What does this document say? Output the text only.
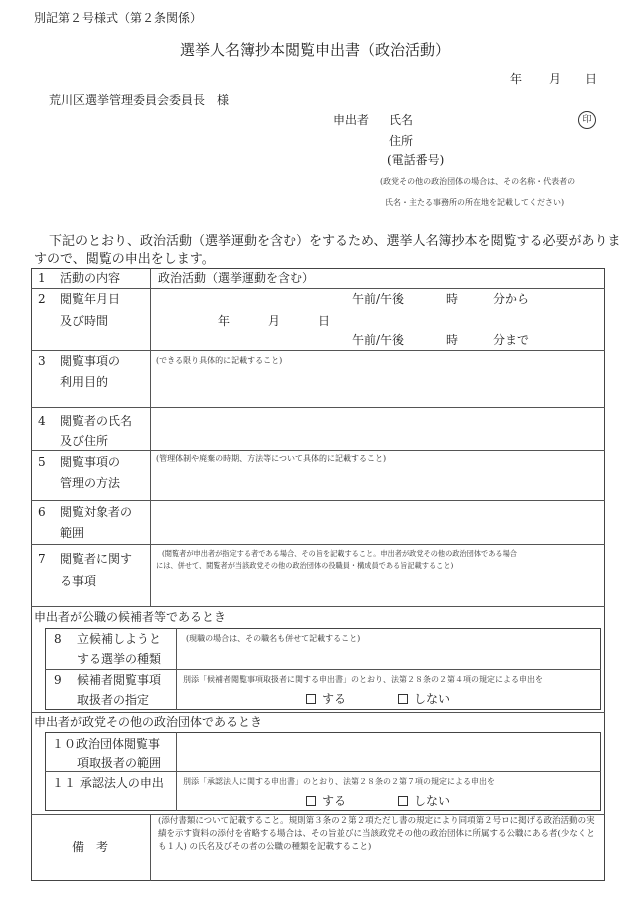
別記第２号様式（第２条関係）
選挙人名簿抄本閲覧申出書（政治活動）
年 月 日
荒川区選挙管理委員会委員長　様
申出者 氏名	印
住所
(電話番号)
(政党その他の政治団体の場合は、その名称・代表者の
氏名・主たる事務所の所在地を記載してください)
下記のとおり、政治活動（選挙運動を含む）をするため、選挙人名簿抄本を閲覧する必要がありま
すので、閲覧の申出をします。
1 活動の内容	政治活動（選挙運動を含む）
2 閲覧年月日
及び時間
午前/午後	時	分から
年	月	日
午前/午後	時	分まで
3 閲覧事項の
利用目的
(できる限り具体的に記載すること)
4 閲覧者の氏名
及び住所
5 閲覧事項の
管理の方法
(管理体制や廃棄の時期、方法等について具体的に記載すること)
6 閲覧対象者の
範囲
7 閲覧者に関す
る事項
(閲覧者が申出者が指定する者である場合、その旨を記載すること。申出者が政党その他の政治団体である場合
には、併せて、閲覧者が当該政党その他の政治団体の役職員・構成員である旨記載すること)
申出者が公職の候補者等であるとき
8 立候補しようと
する選挙の種類
(現職の場合は、その職名も併せて記載すること)
9 候補者閲覧事項
取扱者の指定
別添「候補者閲覧事項取扱者に関する申出書」のとおり、法第２８条の２第４項の規定による申出を
する	しない
申出者が政党その他の政治団体であるとき
１０政治団体閲覧事
項取扱者の範囲
１１ 承認法人の申出 別添「承認法人に関する申出書」のとおり、法第２８条の２第７項の規定による申出を
する	しない
備　考
(添付書類について記載すること。規則第３条の２第２項ただし書の規定により同項第２号ロに掲げる政治活動の実績を示す資料の添付を省略する場合は、その旨並びに当該政党その他の政治団体に所属する公職にある者(少なくとも１人) の氏名及びその者の公職の種類を記載すること)
